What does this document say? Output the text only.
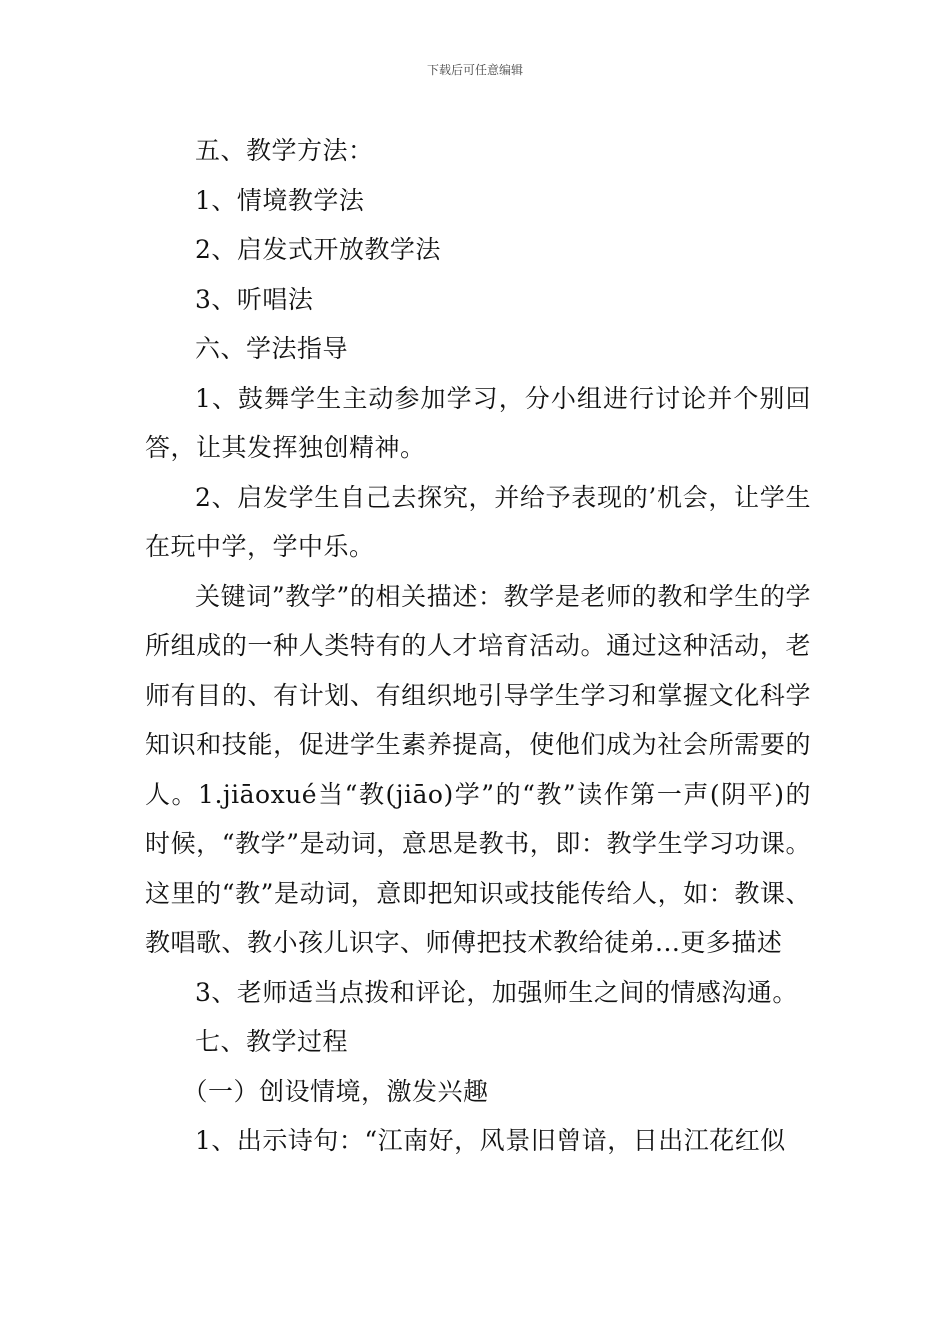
下载后可任意编辑

五、教学方法：

1、情境教学法

2、启发式开放教学法

3、听唱法

六、学法指导

1、鼓舞学生主动参加学习，分小组进行讨论并个别回答，让其发挥独创精神。

2、启发学生自己去探究，并给予表现的’机会，让学生在玩中学，学中乐。

关键词”教学”的相关描述：教学是老师的教和学生的学所组成的一种人类特有的人才培育活动。通过这种活动，老师有目的、有计划、有组织地引导学生学习和掌握文化科学知识和技能，促进学生素养提高，使他们成为社会所需要的人。1.jiāoxué当“教(jiāo)学”的“教”读作第一声(阴平)的时候，“教学”是动词，意思是教书，即：教学生学习功课。这里的“教”是动词，意即把知识或技能传给人，如：教课、教唱歌、教小孩儿识字、师傅把技术教给徒弟...更多描述

3、老师适当点拨和评论，加强师生之间的情感沟通。

七、教学过程

（一）创设情境，激发兴趣

1、出示诗句：“江南好，风景旧曾谙，日出江花红似
